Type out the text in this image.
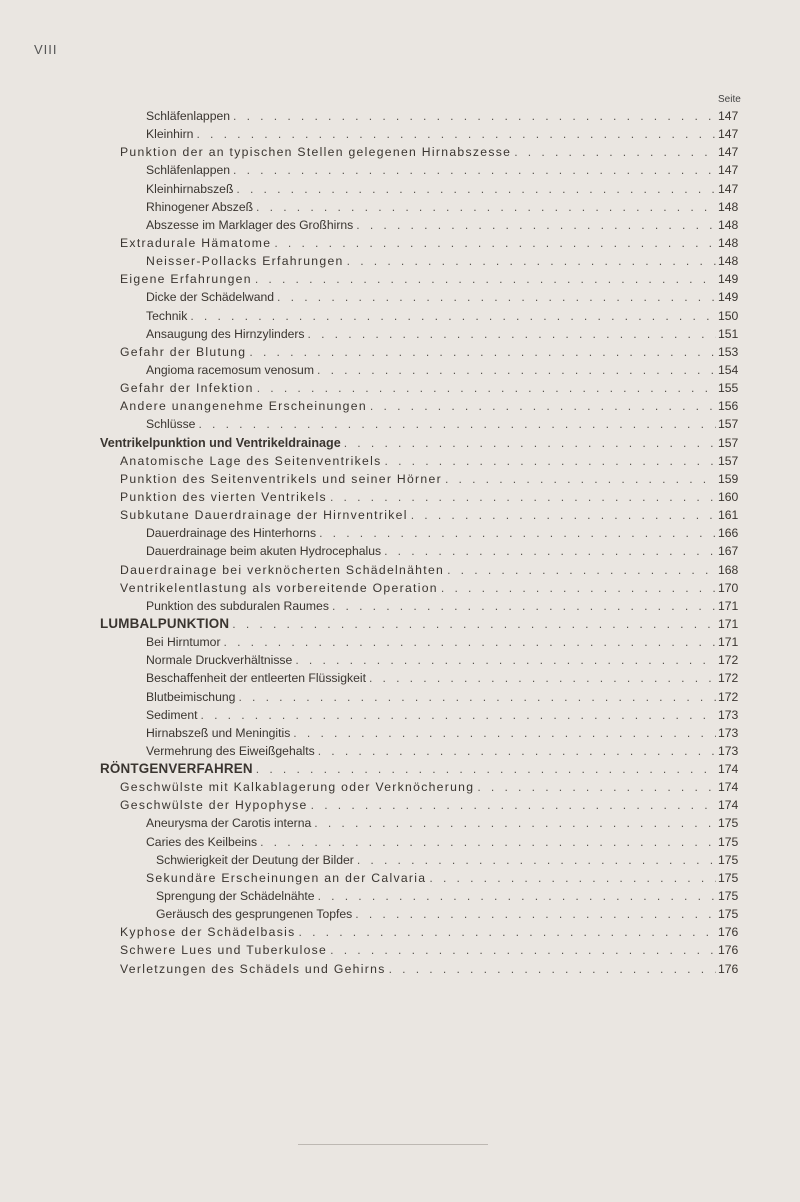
VIII
Seite
Schläfenlappen . . .	147
Kleinhirn . . .	147
Punktion der an typischen Stellen gelegenen Hirnabszesse . . .	147
Schläfenlappen . . .	147
Kleinhirnabszeß . . .	147
Rhinogener Abszeß . . .	148
Abszesse im Marklager des Großhirns . . .	148
Extradurale Hämatome . . .	148
Neisser-Pollacks Erfahrungen . . .	148
Eigene Erfahrungen . . .	149
Dicke der Schädelwand . . .	149
Technik . . .	150
Ansaugung des Hirnzylinders . . .	151
Gefahr der Blutung . . .	153
Angioma racemosum venosum . . .	154
Gefahr der Infektion . . .	155
Andere unangenehme Erscheinungen . . .	156
Schlüsse . . .	157
Ventrikelpunktion und Ventrikeldrainage . . .	157
Anatomische Lage des Seitenventrikels . . .	157
Punktion des Seitenventrikels und seiner Hörner . . .	159
Punktion des vierten Ventrikels . . .	160
Subkutane Dauerdrainage der Hirnventrikel . . .	161
Dauerdrainage des Hinterhorns . . .	166
Dauerdrainage beim akuten Hydrocephalus . . .	167
Dauerdrainage bei verknöcherten Schädelnähten . . .	168
Ventrikelentlastung als vorbereitende Operation . . .	170
Punktion des subduralen Raumes . . .	171
LUMBALPUNKTION . . .	171
Bei Hirntumor . . .	171
Normale Druckverhältnisse . . .	172
Beschaffenheit der entleerten Flüssigkeit . . .	172
Blutbeimischung . . .	172
Sediment . . .	173
Hirnabszeß und Meningitis . . .	173
Vermehrung des Eiweißgehalts . . .	173
RÖNTGENVERFAHREN . . .	174
Geschwülste mit Kalkablagerung oder Verknöcherung . . .	174
Geschwülste der Hypophyse . . .	174
Aneurysma der Carotis interna . . .	175
Caries des Keilbeins . . .	175
Schwierigkeit der Deutung der Bilder . . .	175
Sekundäre Erscheinungen an der Calvaria . . .	175
Sprengung der Schädelnähte . . .	175
Geräusch des gesprungenen Topfes . . .	175
Kyphose der Schädelbasis . . .	176
Schwere Lues und Tuberkulose . . .	176
Verletzungen des Schädels und Gehirns . . .	176
